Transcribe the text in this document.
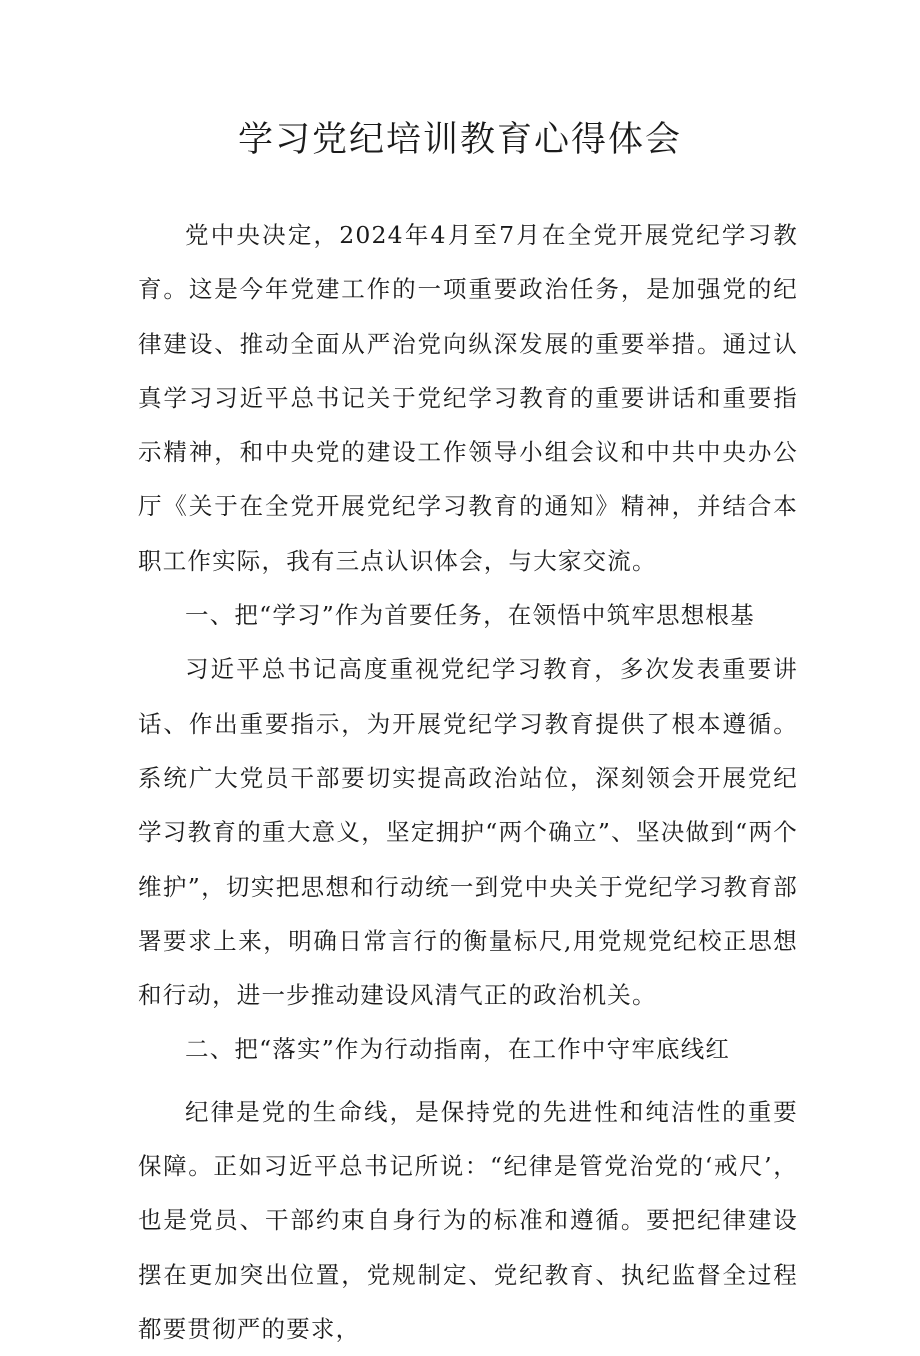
学习党纪培训教育心得体会

党中央决定，2024年4月至7月在全党开展党纪学习教育。这是今年党建工作的一项重要政治任务，是加强党的纪律建设、推动全面从严治党向纵深发展的重要举措。通过认真学习习近平总书记关于党纪学习教育的重要讲话和重要指示精神，和中央党的建设工作领导小组会议和中共中央办公厅《关于在全党开展党纪学习教育的通知》精神，并结合本职工作实际，我有三点认识体会，与大家交流。

一、把“学习”作为首要任务，在领悟中筑牢思想根基

习近平总书记高度重视党纪学习教育，多次发表重要讲话、作出重要指示，为开展党纪学习教育提供了根本遵循。系统广大党员干部要切实提高政治站位，深刻领会开展党纪学习教育的重大意义，坚定拥护“两个确立”、坚决做到“两个维护”，切实把思想和行动统一到党中央关于党纪学习教育部署要求上来，明确日常言行的衡量标尺,用党规党纪校正思想和行动，进一步推动建设风清气正的政治机关。

二、把“落实”作为行动指南，在工作中守牢底线红

纪律是党的生命线，是保持党的先进性和纯洁性的重要保障。正如习近平总书记所说：“纪律是管党治党的‘戒尺’，也是党员、干部约束自身行为的标准和遵循。要把纪律建设摆在更加突出位置，党规制定、党纪教育、执纪监督全过程都要贯彻严的要求，
